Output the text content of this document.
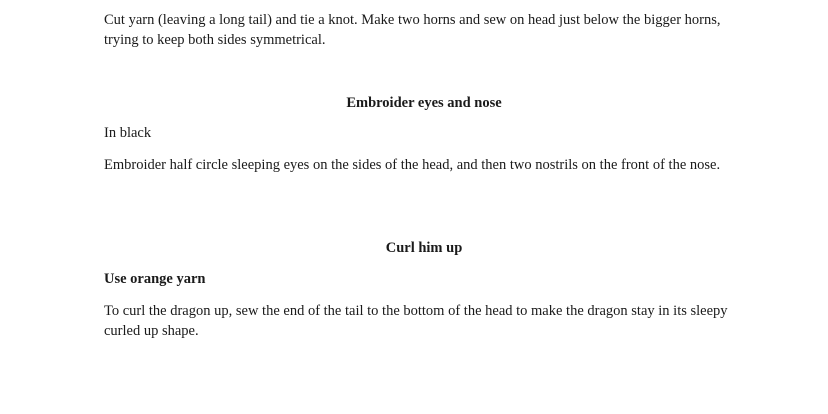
Cut yarn (leaving a long tail) and tie a knot. Make two horns and sew on head just below the bigger horns, trying to keep both sides symmetrical.

Embroider eyes and nose

In black

Embroider half circle sleeping eyes on the sides of the head, and then two nostrils on the front of the nose.

Curl him up

Use orange yarn

To curl the dragon up, sew the end of the tail to the bottom of the head to make the dragon stay in its sleepy curled up shape.
